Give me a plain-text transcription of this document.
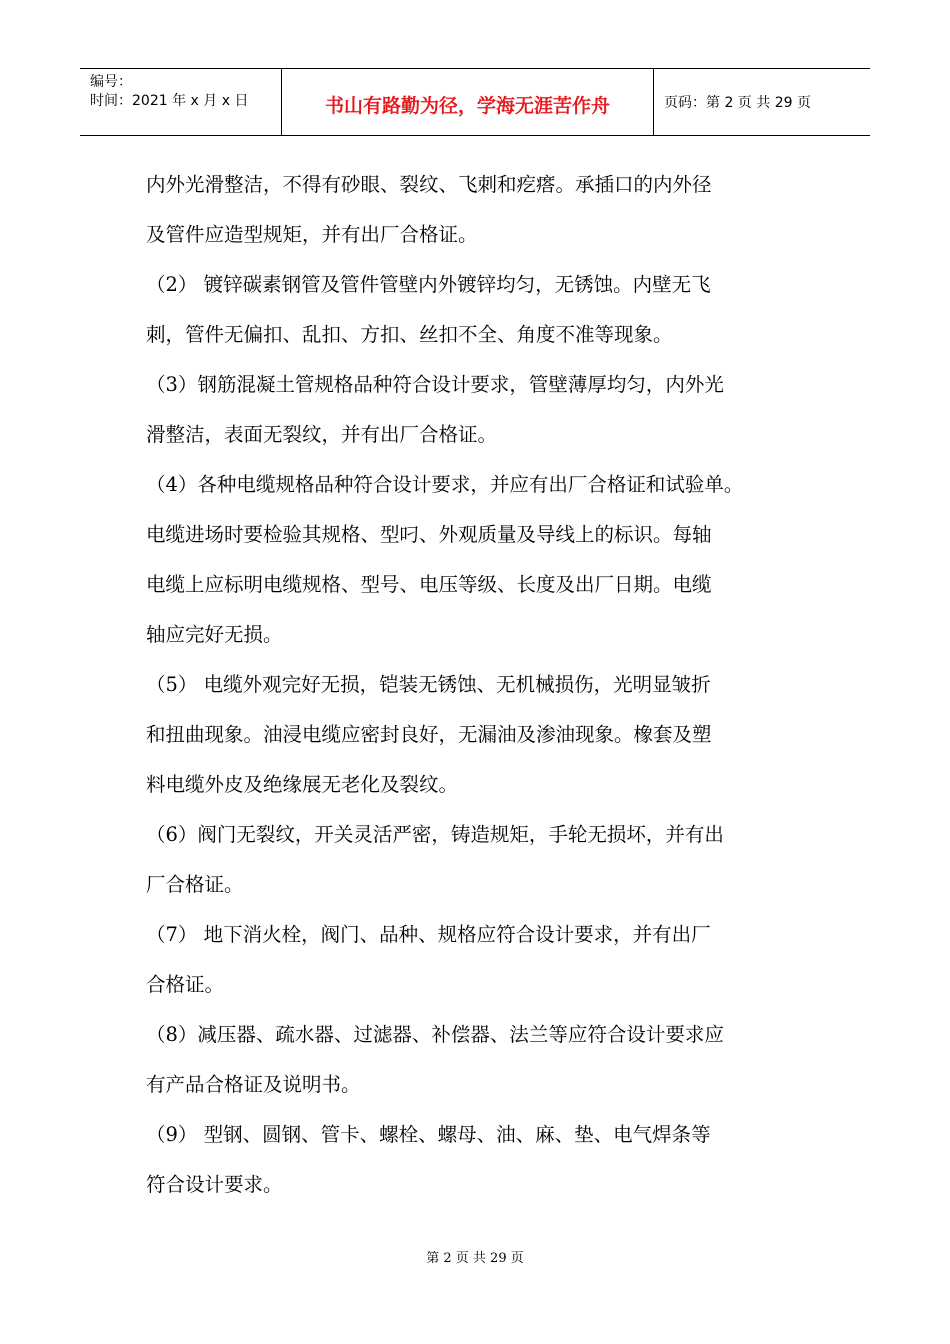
编号：
时间：2021 年 x 月 x 日	书山有路勤为径，学海无涯苦作舟	页码：第 2 页 共 29 页
内外光滑整洁，不得有砂眼、裂纹、飞刺和疙瘩。承插口的内外径
及管件应造型规矩，并有出厂合格证。
（2） 镀锌碳素钢管及管件管壁内外镀锌均匀，无锈蚀。内壁无飞
刺，管件无偏扣、乱扣、方扣、丝扣不全、角度不准等现象。
（3）钢筋混凝土管规格品种符合设计要求，管壁薄厚均匀，内外光
滑整洁，表面无裂纹，并有出厂合格证。
（4）各种电缆规格品种符合设计要求，并应有出厂合格证和试验单。
电缆进场时要检验其规格、型叼、外观质量及导线上的标识。每轴
电缆上应标明电缆规格、型号、电压等级、长度及出厂日期。电缆
轴应完好无损。
（5） 电缆外观完好无损，铠装无锈蚀、无机械损伤，光明显皱折
和扭曲现象。油浸电缆应密封良好，无漏油及渗油现象。橡套及塑
料电缆外皮及绝缘展无老化及裂纹。
（6）阀门无裂纹，开关灵活严密，铸造规矩，手轮无损坏，并有出
厂合格证。
（7） 地下消火栓，阀门、品种、规格应符合设计要求，并有出厂
合格证。
（8）减压器、疏水器、过滤器、补偿器、法兰等应符合设计要求应
有产品合格证及说明书。
（9） 型钢、圆钢、管卡、螺栓、螺母、油、麻、垫、电气焊条等
符合设计要求。
第 2 页 共 29 页
